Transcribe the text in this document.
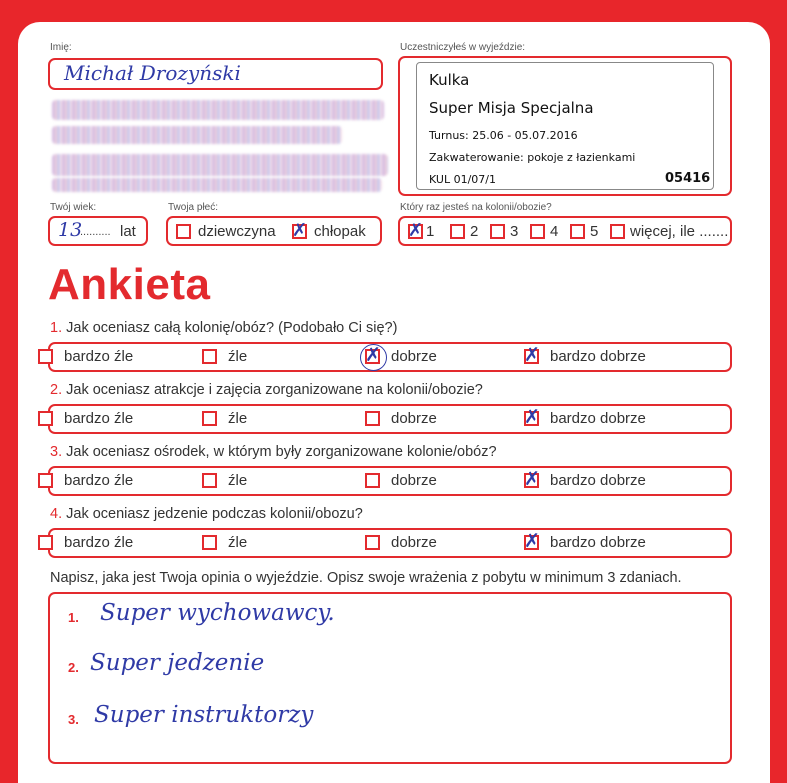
Imię:
Michał Drozyński
Uczestniczyłeś w wyjeździe:
Kulka
Super Misja Specjalna
Turnus: 25.06 - 05.07.2016
Zakwaterowanie: pokoje z łazienkami
KUL 01/07/1	05416
Twój wiek:
13
.......... lat
Twoja płeć:
dziewczyna ✗ chłopak
Który raz jesteś na kolonii/obozie?
✗ 1 2 3 4 5 więcej, ile .......
Ankieta
1. Jak oceniasz całą kolonię/obóz? (Podobało Ci się?)
bardzo źle	źle	✗ dobrze	✗ bardzo dobrze
2. Jak oceniasz atrakcje i zajęcia zorganizowane na kolonii/obozie?
bardzo źle	źle	dobrze	✗ bardzo dobrze
3. Jak oceniasz ośrodek, w którym były zorganizowane kolonie/obóz?
bardzo źle	źle	dobrze	✗ bardzo dobrze
4. Jak oceniasz jedzenie podczas kolonii/obozu?
bardzo źle	źle	dobrze	✗ bardzo dobrze
Napisz, jaka jest Twoja opinia o wyjeździe. Opisz swoje wrażenia z pobytu w minimum 3 zdaniach.
1. Super wychowawcy.
2. Super jedzenie
3. Super instruktorzy
